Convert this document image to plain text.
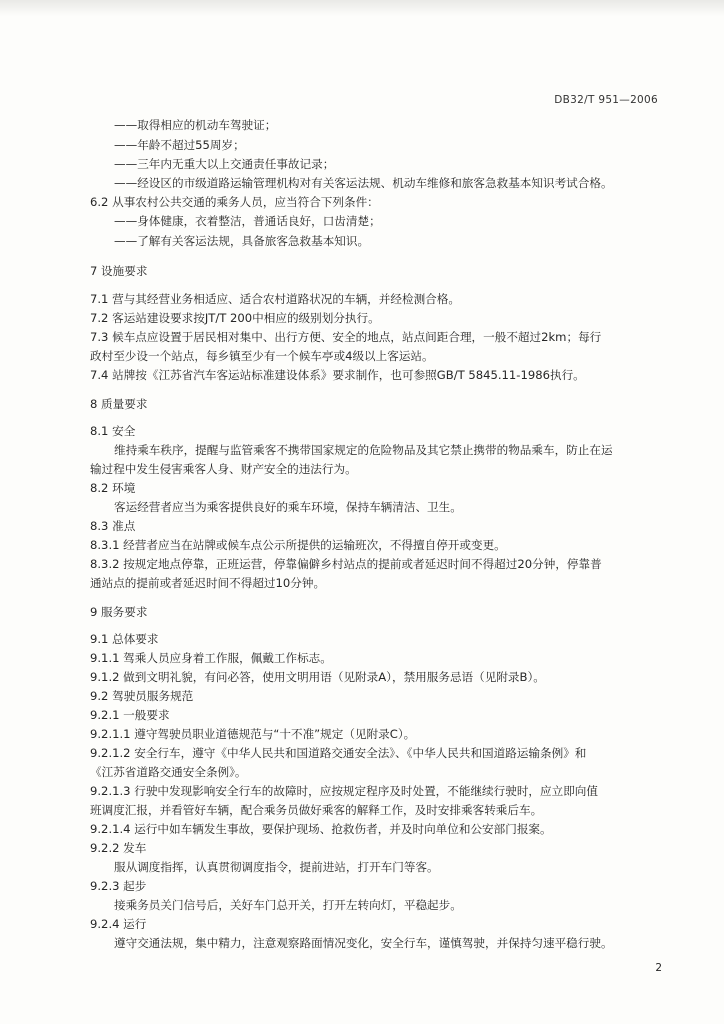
DB32/T 951—2006
——取得相应的机动车驾驶证；
——年龄不超过55周岁；
——三年内无重大以上交通责任事故记录；
——经设区的市级道路运输管理机构对有关客运法规、机动车维修和旅客急救基本知识考试合格。
6.2 从事农村公共交通的乘务人员，应当符合下列条件：
——身体健康，衣着整洁，普通话良好，口齿清楚；
——了解有关客运法规，具备旅客急救基本知识。
7 设施要求
7.1 营与其经营业务相适应、适合农村道路状况的车辆，并经检测合格。
7.2 客运站建设要求按JT/T 200中相应的级别划分执行。
7.3 候车点应设置于居民相对集中、出行方便、安全的地点，站点间距合理，一般不超过2km；每行
政村至少设一个站点，每乡镇至少有一个候车亭或4级以上客运站。
7.4 站牌按《江苏省汽车客运站标准建设体系》要求制作，也可参照GB/T 5845.11-1986执行。
8 质量要求
8.1 安全
维持乘车秩序，提醒与监管乘客不携带国家规定的危险物品及其它禁止携带的物品乘车，防止在运
输过程中发生侵害乘客人身、财产安全的违法行为。
8.2 环境
客运经营者应当为乘客提供良好的乘车环境，保持车辆清洁、卫生。
8.3 准点
8.3.1 经营者应当在站牌或候车点公示所提供的运输班次，不得擅自停开或变更。
8.3.2 按规定地点停靠，正班运营，停靠偏僻乡村站点的提前或者延迟时间不得超过20分钟，停靠普
通站点的提前或者延迟时间不得超过10分钟。
9 服务要求
9.1 总体要求
9.1.1 驾乘人员应身着工作服，佩戴工作标志。
9.1.2 做到文明礼貌，有问必答，使用文明用语（见附录A），禁用服务忌语（见附录B）。
9.2 驾驶员服务规范
9.2.1 一般要求
9.2.1.1 遵守驾驶员职业道德规范与“十不准”规定（见附录C）。
9.2.1.2 安全行车，遵守《中华人民共和国道路交通安全法》、《中华人民共和国道路运输条例》和
《江苏省道路交通安全条例》。
9.2.1.3 行驶中发现影响安全行车的故障时，应按规定程序及时处置，不能继续行驶时，应立即向值
班调度汇报，并看管好车辆，配合乘务员做好乘客的解释工作，及时安排乘客转乘后车。
9.2.1.4 运行中如车辆发生事故，要保护现场、抢救伤者，并及时向单位和公安部门报案。
9.2.2 发车
服从调度指挥，认真贯彻调度指令，提前进站，打开车门等客。
9.2.3 起步
接乘务员关门信号后，关好车门总开关，打开左转向灯，平稳起步。
9.2.4 运行
遵守交通法规，集中精力，注意观察路面情况变化，安全行车，谨慎驾驶，并保持匀速平稳行驶。
2
